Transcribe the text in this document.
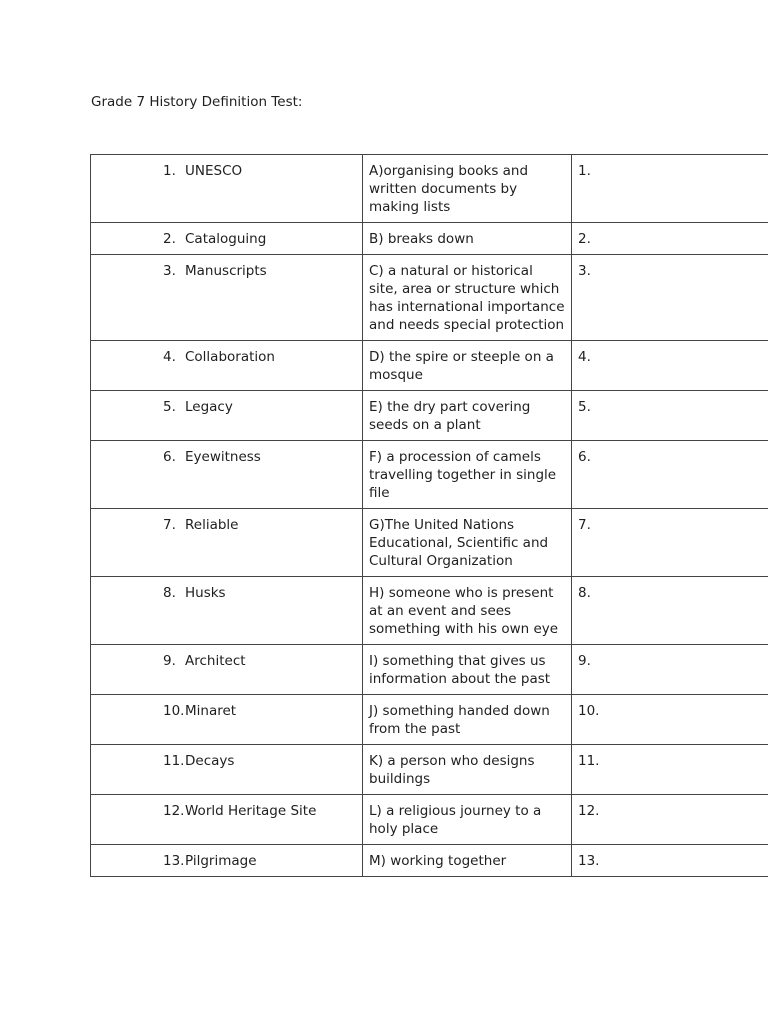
Grade 7 History Definition Test:
1. UNESCO	A)organising books and written documents by making lists	1.

2. Cataloguing	B) breaks down	2.

3. Manuscripts	C) a natural or historical site, area or structure which has international importance and needs special protection	3.

4. Collaboration	D) the spire or steeple on a mosque	4.

5. Legacy	E) the dry part covering seeds on a plant	5.

6. Eyewitness	F) a procession of camels travelling together in single file	6.

7. Reliable	G)The United Nations Educational, Scientific and Cultural Organization	7.

8. Husks	H) someone who is present at an event and sees something with his own eye	8.

9. Architect	I) something that gives us information about the past	9.

10. Minaret	J) something handed down from the past	10.

11. Decays	K) a person who designs buildings	11.

12. World Heritage Site	L) a religious journey to a holy place	12.

13. Pilgrimage	M) working together	13.
